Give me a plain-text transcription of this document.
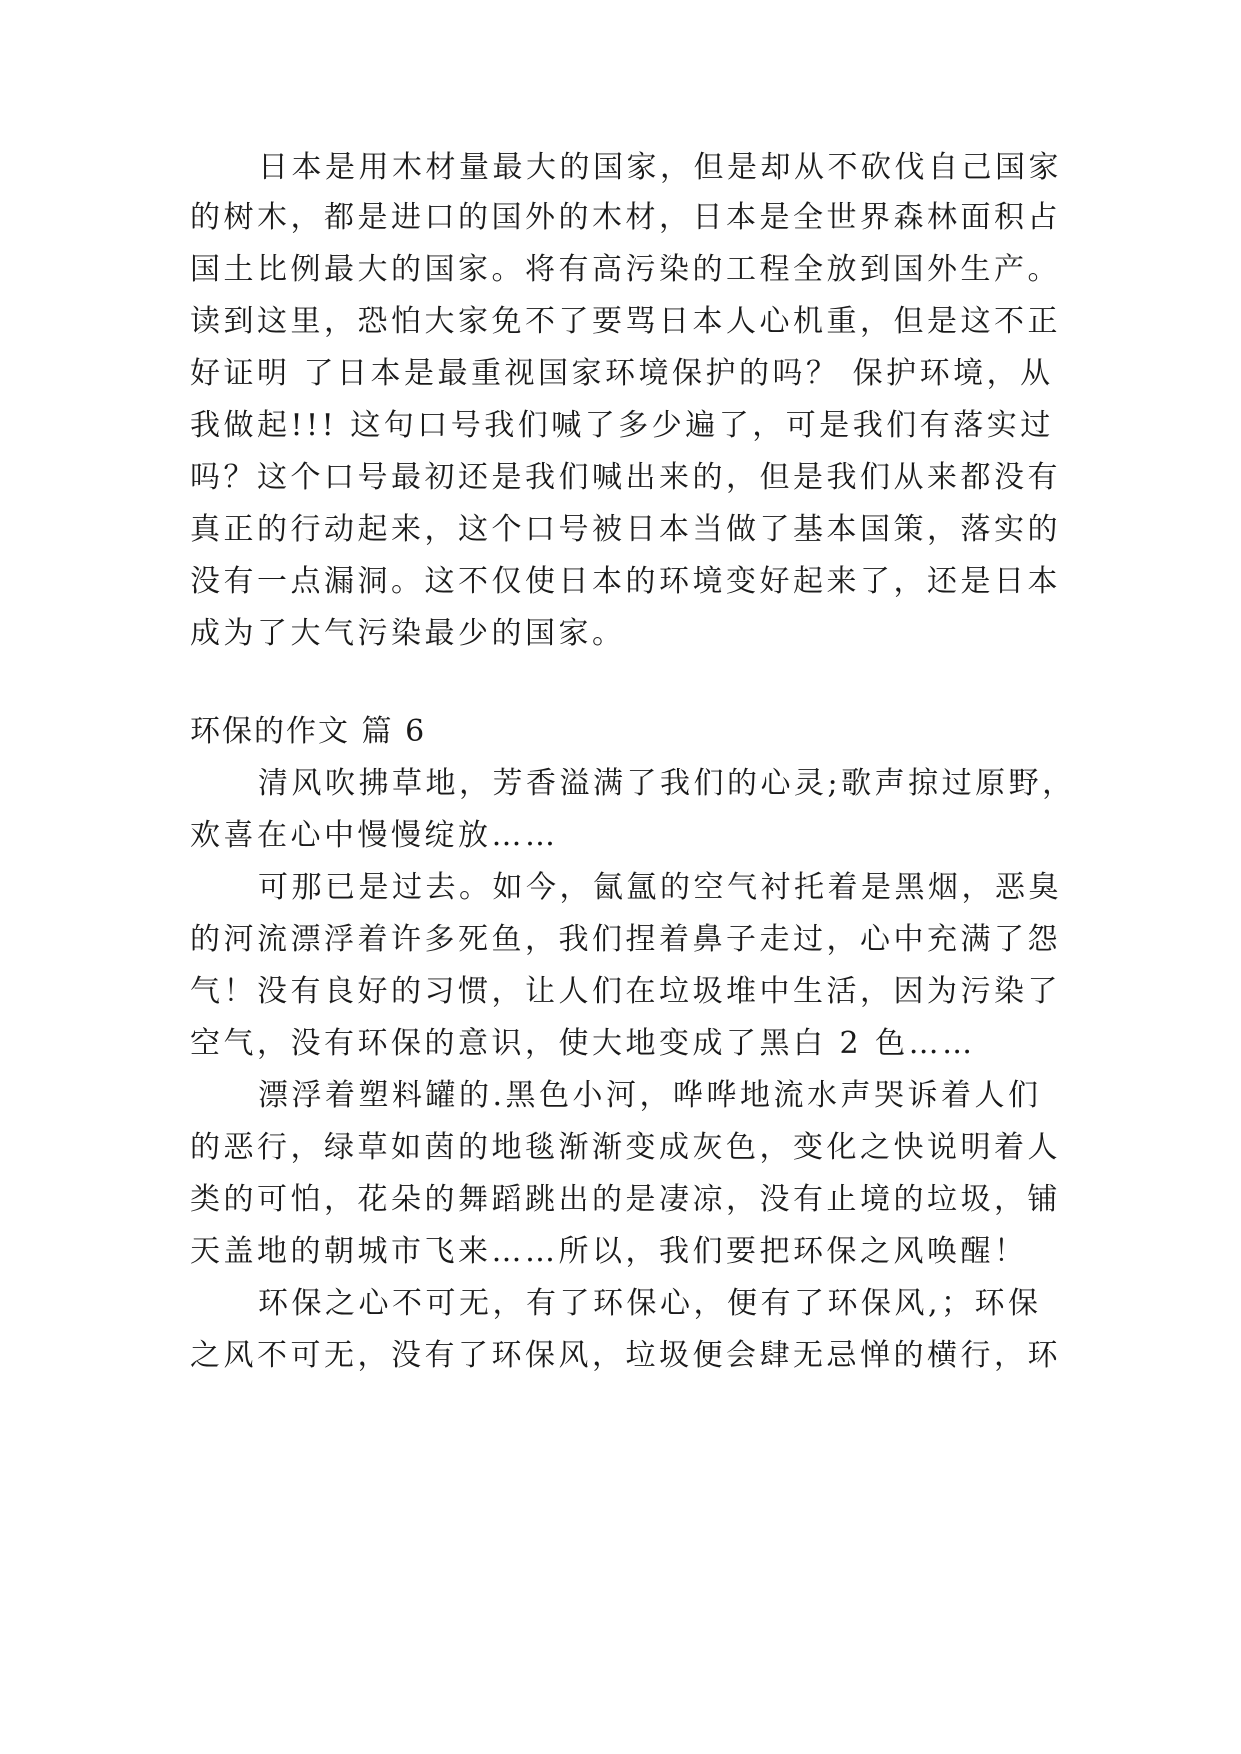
日本是用木材量最大的国家，但是却从不砍伐自己国家
的树木，都是进口的国外的木材，日本是全世界森林面积占
国土比例最大的国家。将有高污染的工程全放到国外生产。
读到这里，恐怕大家免不了要骂日本人心机重，但是这不正
好证明 了日本是最重视国家环境保护的吗？ 保护环境，从
我做起!!! 这句口号我们喊了多少遍了，可是我们有落实过
吗？这个口号最初还是我们喊出来的，但是我们从来都没有
真正的行动起来，这个口号被日本当做了基本国策，落实的
没有一点漏洞。这不仅使日本的环境变好起来了，还是日本
成为了大气污染最少的国家。
环保的作文 篇 6
清风吹拂草地，芳香溢满了我们的心灵;歌声掠过原野，
欢喜在心中慢慢绽放……
可那已是过去。如今，氤氲的空气衬托着是黑烟，恶臭
的河流漂浮着许多死鱼，我们捏着鼻子走过，心中充满了怨
气！没有良好的习惯，让人们在垃圾堆中生活，因为污染了
空气，没有环保的意识，使大地变成了黑白 2 色……
漂浮着塑料罐的.黑色小河，哗哗地流水声哭诉着人们
的恶行，绿草如茵的地毯渐渐变成灰色，变化之快说明着人
类的可怕，花朵的舞蹈跳出的是凄凉，没有止境的垃圾，铺
天盖地的朝城市飞来……所以，我们要把环保之风唤醒！
环保之心不可无，有了环保心，便有了环保风,；环保
之风不可无，没有了环保风，垃圾便会肆无忌惮的横行，环
